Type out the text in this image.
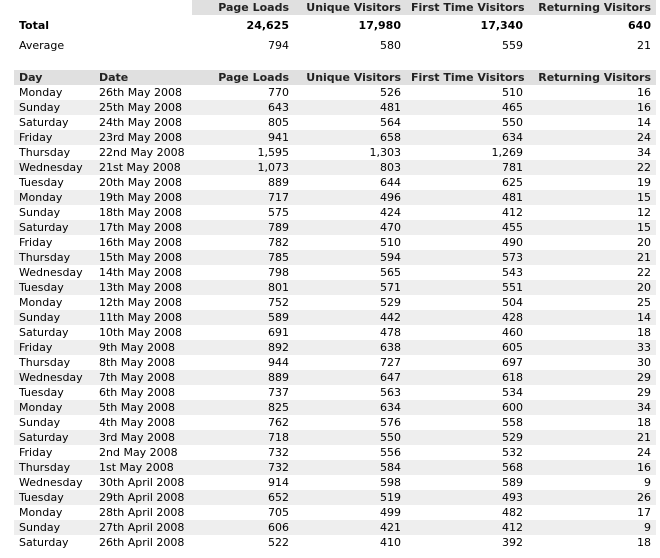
		Page Loads	Unique Visitors	First Time Visitors	Returning Visitors
Total		24,625	17,980	17,340	640
Average		794	580	559	21
Day	Date	Page Loads	Unique Visitors	First Time Visitors	Returning Visitors
Monday	26th May 2008	770	526	510	16
Sunday	25th May 2008	643	481	465	16
Saturday	24th May 2008	805	564	550	14
Friday	23rd May 2008	941	658	634	24
Thursday	22nd May 2008	1,595	1,303	1,269	34
Wednesday	21st May 2008	1,073	803	781	22
Tuesday	20th May 2008	889	644	625	19
Monday	19th May 2008	717	496	481	15
Sunday	18th May 2008	575	424	412	12
Saturday	17th May 2008	789	470	455	15
Friday	16th May 2008	782	510	490	20
Thursday	15th May 2008	785	594	573	21
Wednesday	14th May 2008	798	565	543	22
Tuesday	13th May 2008	801	571	551	20
Monday	12th May 2008	752	529	504	25
Sunday	11th May 2008	589	442	428	14
Saturday	10th May 2008	691	478	460	18
Friday	9th May 2008	892	638	605	33
Thursday	8th May 2008	944	727	697	30
Wednesday	7th May 2008	889	647	618	29
Tuesday	6th May 2008	737	563	534	29
Monday	5th May 2008	825	634	600	34
Sunday	4th May 2008	762	576	558	18
Saturday	3rd May 2008	718	550	529	21
Friday	2nd May 2008	732	556	532	24
Thursday	1st May 2008	732	584	568	16
Wednesday	30th April 2008	914	598	589	9
Tuesday	29th April 2008	652	519	493	26
Monday	28th April 2008	705	499	482	17
Sunday	27th April 2008	606	421	412	9
Saturday	26th April 2008	522	410	392	18
